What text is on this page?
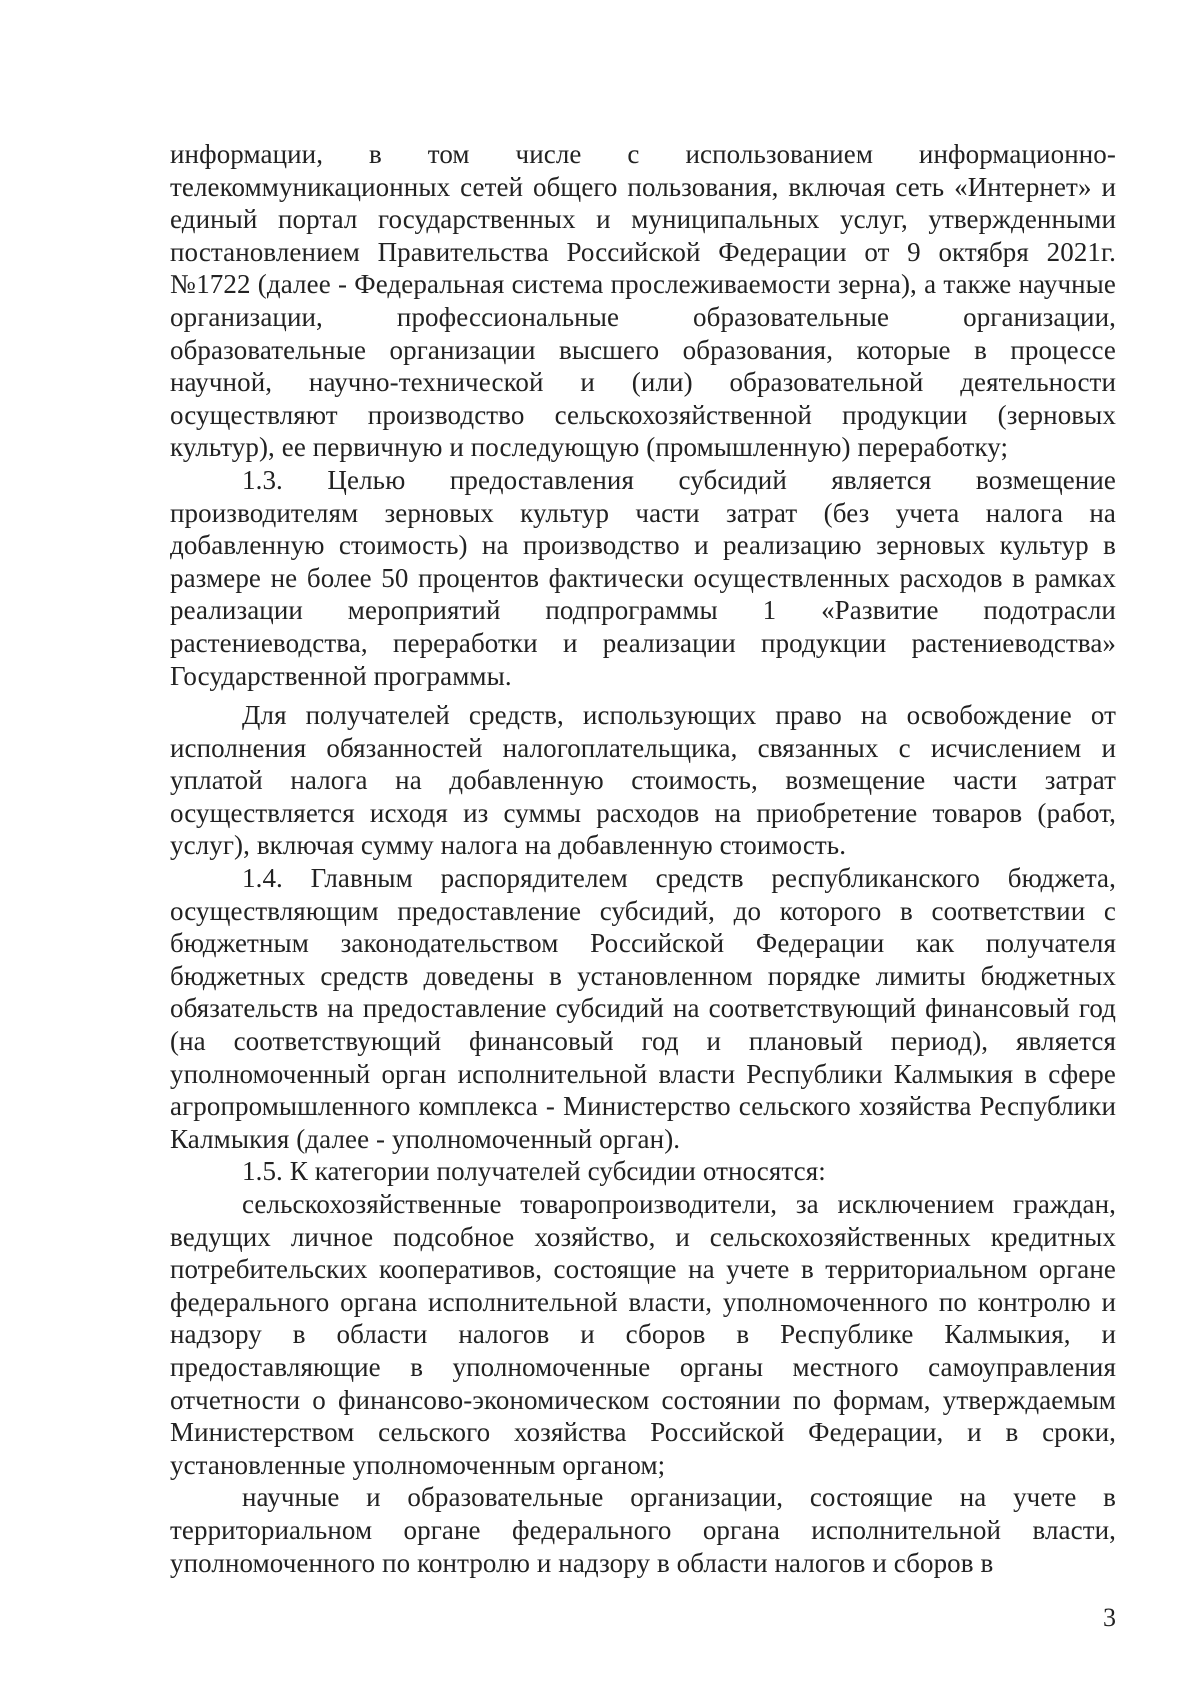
информации, в том числе с использованием информационно-телекоммуникационных сетей общего пользования, включая сеть «Интернет» и единый портал государственных и муниципальных услуг, утвержденными постановлением Правительства Российской Федерации от 9 октября 2021г. №1722 (далее - Федеральная система прослеживаемости зерна), а также научные организации, профессиональные образовательные организации, образовательные организации высшего образования, которые в процессе научной, научно-технической и (или) образовательной деятельности осуществляют производство сельскохозяйственной продукции (зерновых культур), ее первичную и последующую (промышленную) переработку;

1.3. Целью предоставления субсидий является возмещение производителям зерновых культур части затрат (без учета налога на добавленную стоимость) на производство и реализацию зерновых культур в размере не более 50 процентов фактически осуществленных расходов в рамках реализации мероприятий подпрограммы 1 «Развитие подотрасли растениеводства, переработки и реализации продукции растениеводства» Государственной программы.

Для получателей средств, использующих право на освобождение от исполнения обязанностей налогоплательщика, связанных с исчислением и уплатой налога на добавленную стоимость, возмещение части затрат осуществляется исходя из суммы расходов на приобретение товаров (работ, услуг), включая сумму налога на добавленную стоимость.

1.4. Главным распорядителем средств республиканского бюджета, осуществляющим предоставление субсидий, до которого в соответствии с бюджетным законодательством Российской Федерации как получателя бюджетных средств доведены в установленном порядке лимиты бюджетных обязательств на предоставление субсидий на соответствующий финансовый год (на соответствующий финансовый год и плановый период), является уполномоченный орган исполнительной власти Республики Калмыкия в сфере агропромышленного комплекса - Министерство сельского хозяйства Республики Калмыкия (далее - уполномоченный орган).

1.5. К категории получателей субсидии относятся:

сельскохозяйственные товаропроизводители, за исключением граждан, ведущих личное подсобное хозяйство, и сельскохозяйственных кредитных потребительских кооперативов, состоящие на учете в территориальном органе федерального органа исполнительной власти, уполномоченного по контролю и надзору в области налогов и сборов в Республике Калмыкия, и предоставляющие в уполномоченные органы местного самоуправления отчетности о финансово-экономическом состоянии по формам, утверждаемым Министерством сельского хозяйства Российской Федерации, и в сроки, установленные уполномоченным органом;

научные и образовательные организации, состоящие на учете в территориальном органе федерального органа исполнительной власти, уполномоченного по контролю и надзору в области налогов и сборов в

3
